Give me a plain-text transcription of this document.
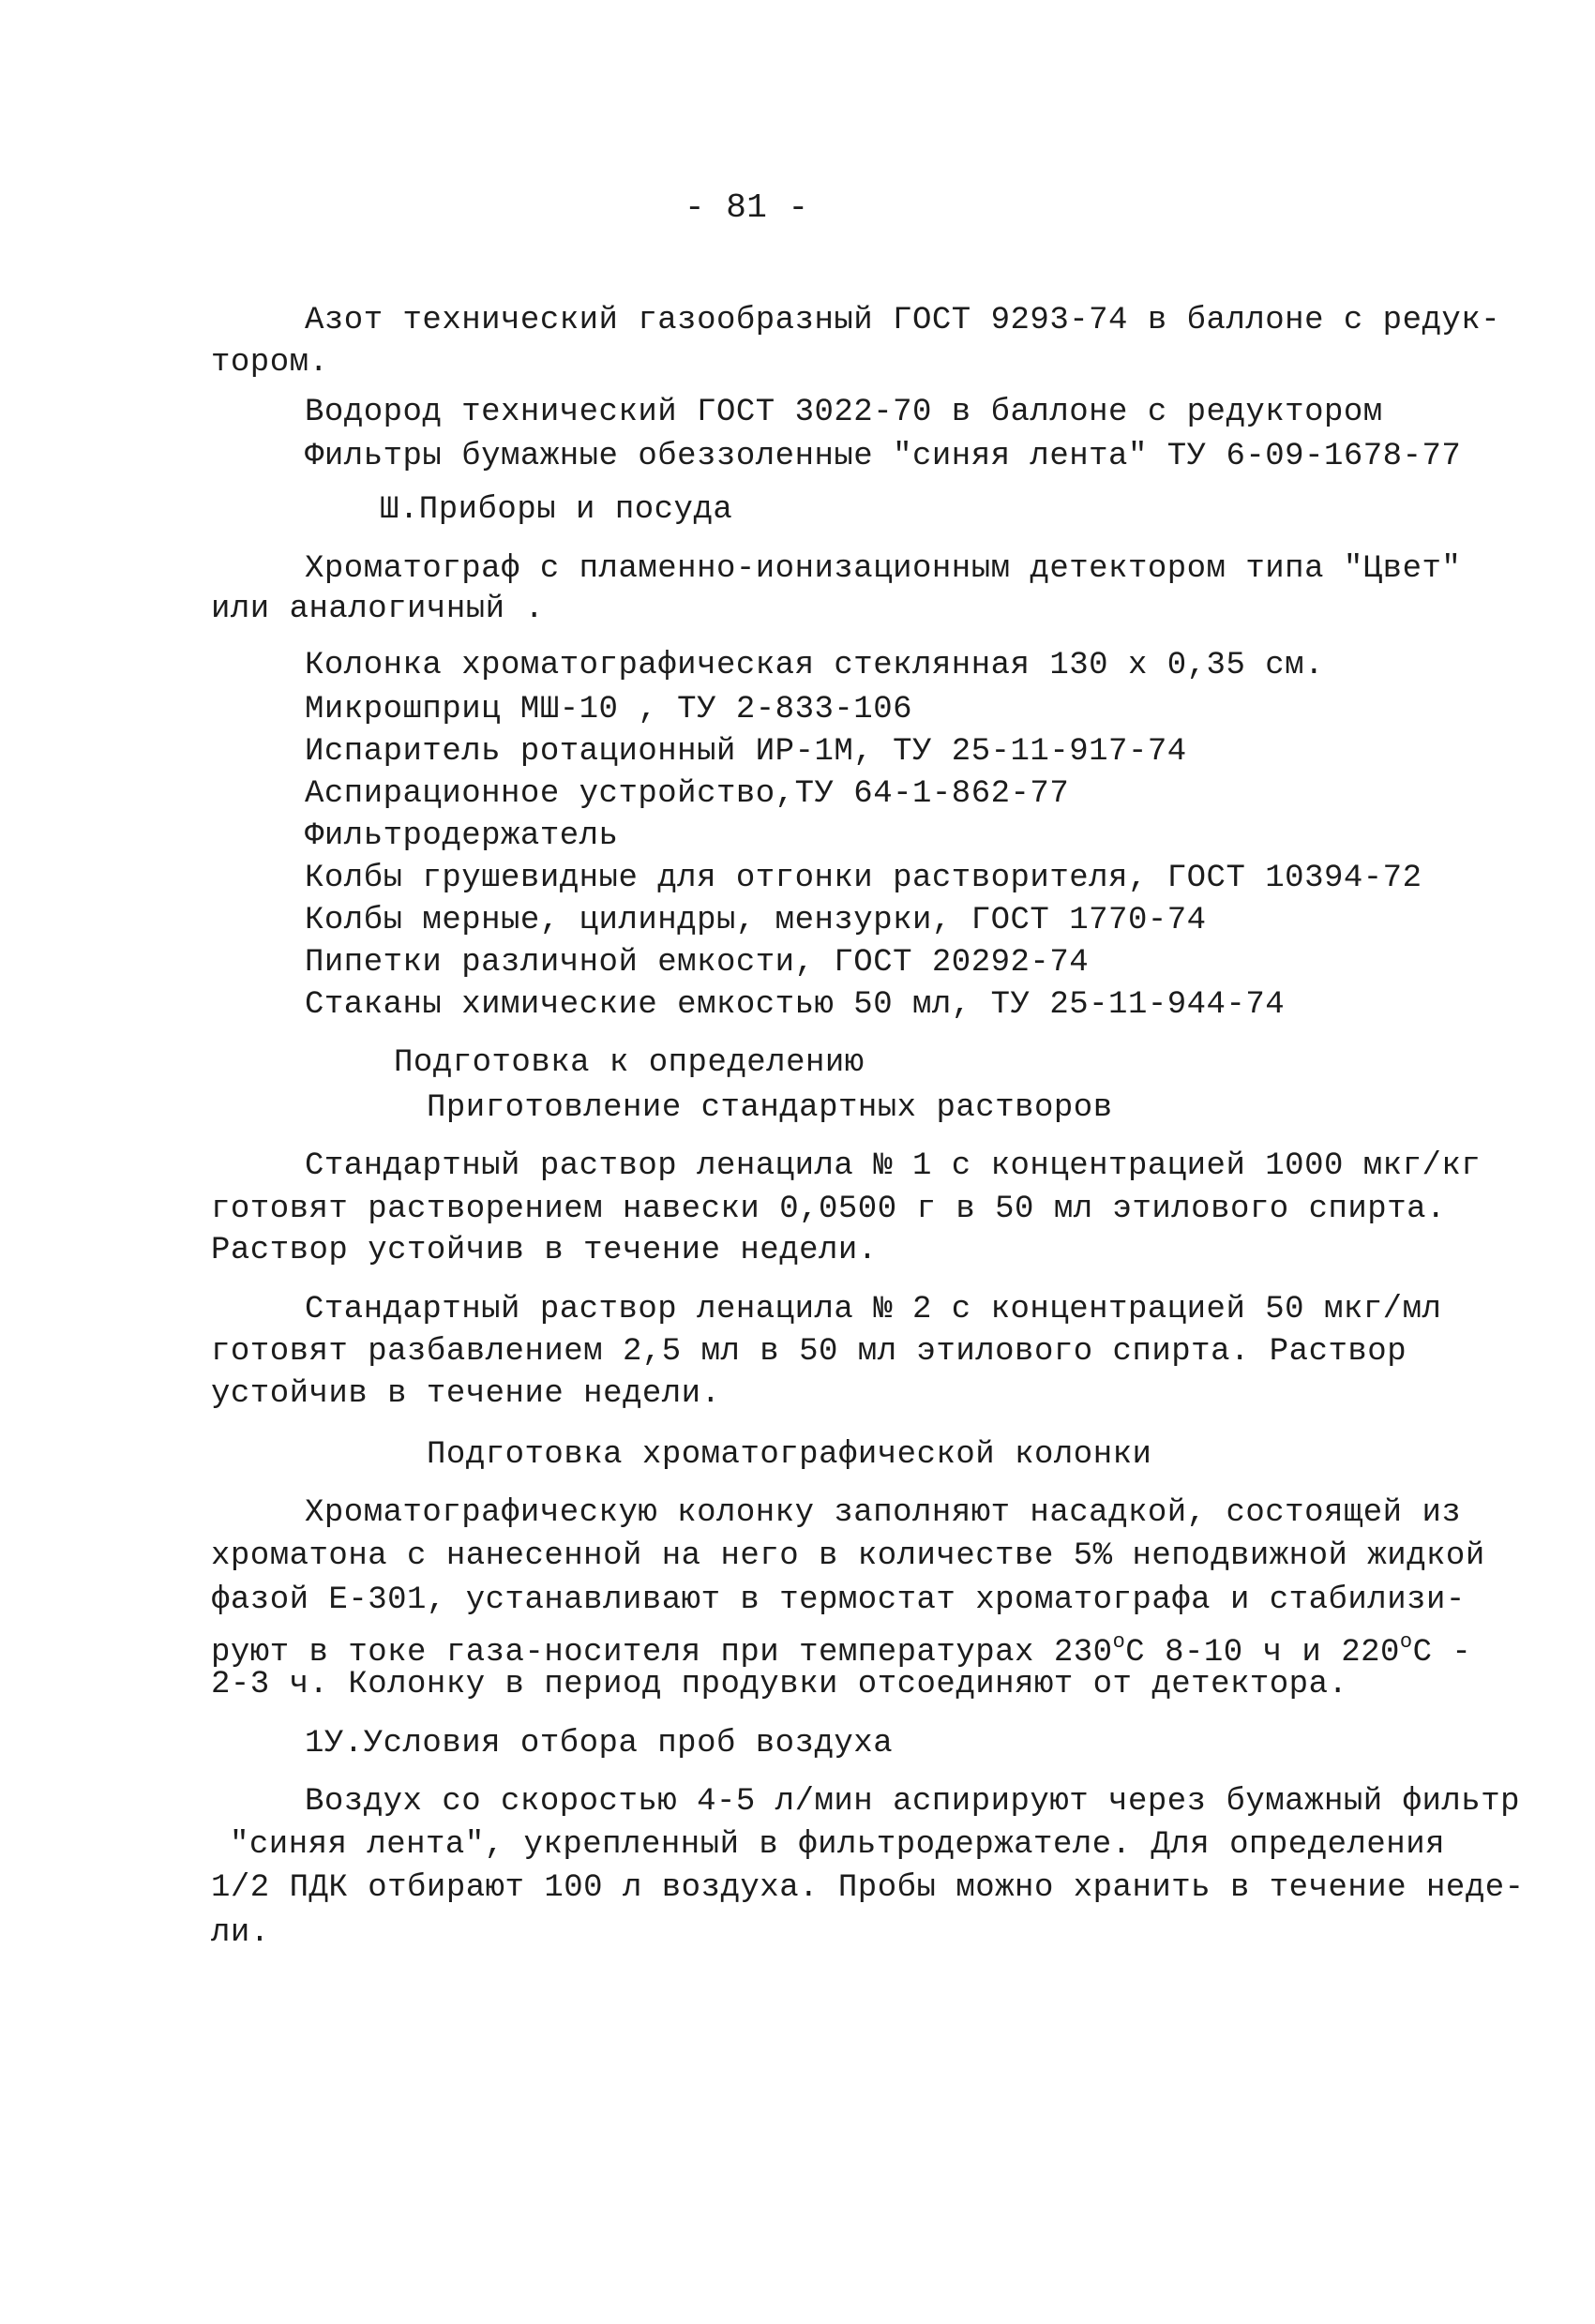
- 81 -
Азот технический газообразный ГОСТ 9293-74 в баллоне с редук-
тором.
Водород технический ГОСТ 3022-70 в баллоне с редуктором
Фильтры бумажные обеззоленные "синяя лента" ТУ 6-09-1678-77
Ш.Приборы и посуда
Хроматограф с пламенно-ионизационным детектором типа "Цвет"
или аналогичный .
Колонка хроматографическая стеклянная 130 х 0,35 см.
Микрошприц МШ-10 , ТУ 2-833-106
Испаритель ротационный ИР-1М, ТУ 25-11-917-74
Аспирационное устройство,ТУ 64-1-862-77
Фильтродержатель
Колбы грушевидные для отгонки растворителя, ГОСТ 10394-72
Колбы мерные, цилиндры, мензурки, ГОСТ 1770-74
Пипетки различной емкости, ГОСТ 20292-74
Стаканы химические емкостью 50 мл, ТУ 25-11-944-74
Подготовка к определению
Приготовление стандартных растворов
Стандартный раствор ленацила № 1 с концентрацией 1000 мкг/кг
готовят растворением навески 0,0500 г в 50 мл этилового спирта.
Раствор устойчив в течение недели.
Стандартный раствор ленацила № 2 с концентрацией 50 мкг/мл
готовят разбавлением 2,5 мл в 50 мл этилового спирта. Раствор
устойчив в течение недели.
Подготовка хроматографической колонки
Хроматографическую колонку заполняют насадкой, состоящей из
хроматона с нанесенной на него в количестве 5% неподвижной жидкой
фазой Е-301, устанавливают в термостат хроматографа и стабилизи-
руют в токе газа-носителя при температурах $230^оС$ 8-10 ч и $220^оС$ -
2-3 ч. Колонку в период продувки отсоединяют от детектора.
1У.Условия отбора проб воздуха
Воздух со скоростью 4-5 л/мин аспирируют через бумажный фильтр
"синяя лента", укрепленный в фильтродержателе. Для определения
1/2 ПДК отбирают 100 л воздуха. Пробы можно хранить в течение неде-
ли.
